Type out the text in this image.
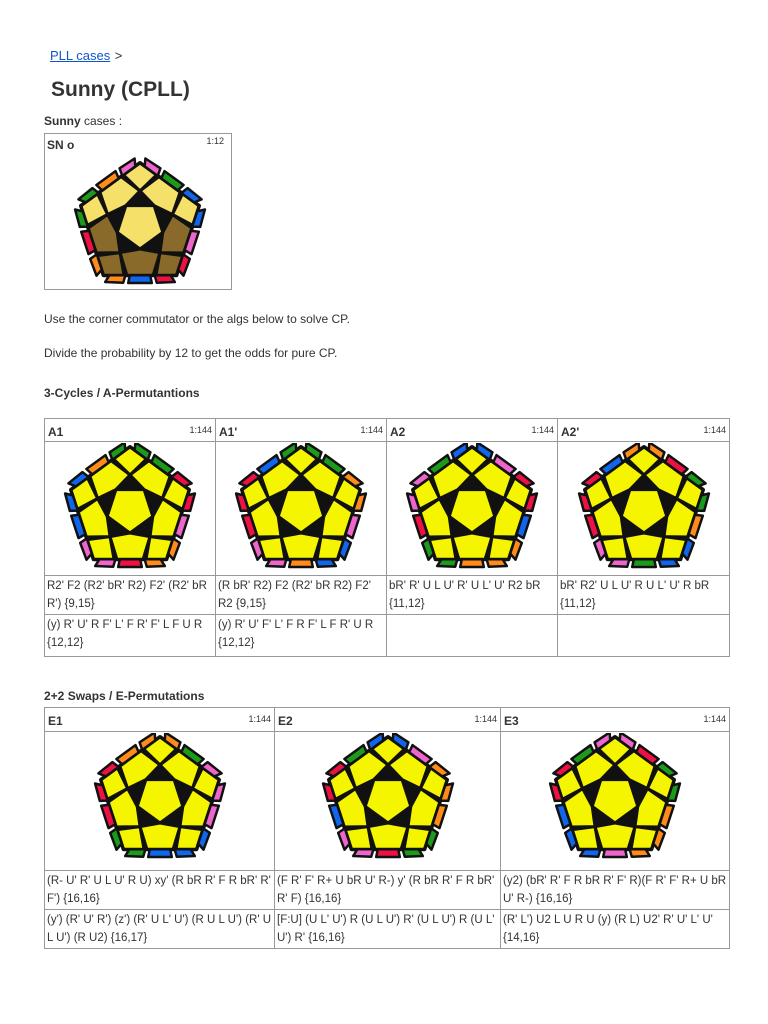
PLL cases >
Sunny (CPLL)
Sunny cases :
SN o	1:12
Use the corner commutator or the algs below to solve CP.
Divide the probability by 12 to get the odds for pure CP.
3-Cycles / A-Permutantions
A1 1:144	A1' 1:144	A2 1:144	A2' 1:144

R2' F2 (R2' bR' R2) F2' (R2' bR R') {9,15}	(R bR' R2) F2 (R2' bR R2) F2' R2 {9,15}	bR' R' U L U' R' U L' U' R2 bR {11,12}	bR' R2' U L U' R U L' U' R bR {11,12}
(y) R' U' R F' L' F R' F' L F U R {12,12}	(y) R' U' F' L' F R F' L F R' U R {12,12}		
2+2 Swaps / E-Permutations
E1 1:144	E2 1:144	E3 1:144

(R- U' R' U L U' R U) xy' (R bR R' F R bR' R' F') {16,16}	(F R' F' R+ U bR U' R-) y' (R bR R' F R bR' R' F) {16,16}	(y2) (bR' R' F R bR R' F' R)(F R' F' R+ U bR U' R-) {16,16}
(y') (R' U' R') (z') (R' U L' U') (R U L U') (R' U L U') (R U2) {16,17}	[F:U] (U L' U') R (U L U') R' (U L U') R (U L' U') R' {16,16}	(R' L') U2 L U R U (y) (R L) U2' R' U' L' U' {14,16}
